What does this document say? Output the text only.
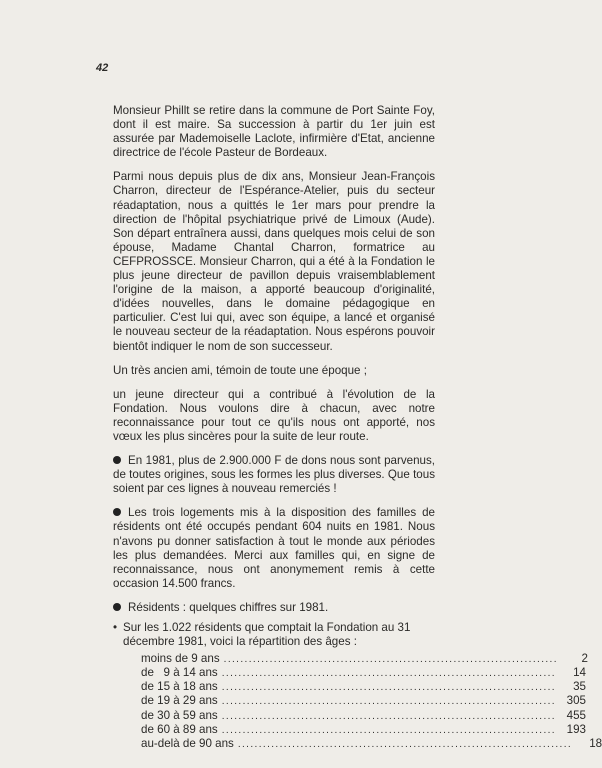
42

Monsieur Phillt se retire dans la commune de Port Sainte Foy, dont il est maire. Sa succession à partir du 1er juin est assurée par Mademoiselle Laclote, infirmière d'Etat, ancienne directrice de l'école Pasteur de Bordeaux.

Parmi nous depuis plus de dix ans, Monsieur Jean-François Charron, directeur de l'Espérance-Atelier, puis du secteur réadaptation, nous a quittés le 1er mars pour prendre la direction de l'hôpital psychiatrique privé de Limoux (Aude). Son départ entraînera aussi, dans quelques mois celui de son épouse, Madame Chantal Charron, formatrice au CEFPROSSCE. Monsieur Charron, qui a été à la Fondation le plus jeune directeur de pavillon depuis vraisemblablement l'origine de la maison, a apporté beaucoup d'originalité, d'idées nouvelles, dans le domaine pédagogique en particulier. C'est lui qui, avec son équipe, a lancé et organisé le nouveau secteur de la réadaptation. Nous espérons pouvoir bientôt indiquer le nom de son successeur.

Un très ancien ami, témoin de toute une époque ;

un jeune directeur qui a contribué à l'évolution de la Fondation. Nous voulons dire à chacun, avec notre reconnaissance pour tout ce qu'ils nous ont apporté, nos vœux les plus sincères pour la suite de leur route.

En 1981, plus de 2.900.000 F de dons nous sont parvenus, de toutes origines, sous les formes les plus diverses. Que tous soient par ces lignes à nouveau remerciés !

Les trois logements mis à la disposition des familles de résidents ont été occupés pendant 604 nuits en 1981. Nous n'avons pu donner satisfaction à tout le monde aux périodes les plus demandées. Merci aux familles qui, en signe de reconnaissance, nous ont anonymement remis à cette occasion 14.500 francs.

Résidents : quelques chiffres sur 1981.

• Sur les 1.022 résidents que comptait la Fondation au 31 décembre 1981, voici la répartition des âges :
moins de 9 ans ................................................................................	2
de   9 à 14 ans ................................................................................	14
de 15 à 18 ans ................................................................................	35
de 19 à 29 ans ................................................................................ 305
de 30 à 59 ans ................................................................................ 455
de 60 à 89 ans ................................................................................ 193
au-delà de 90 ans ................................................................................	18
